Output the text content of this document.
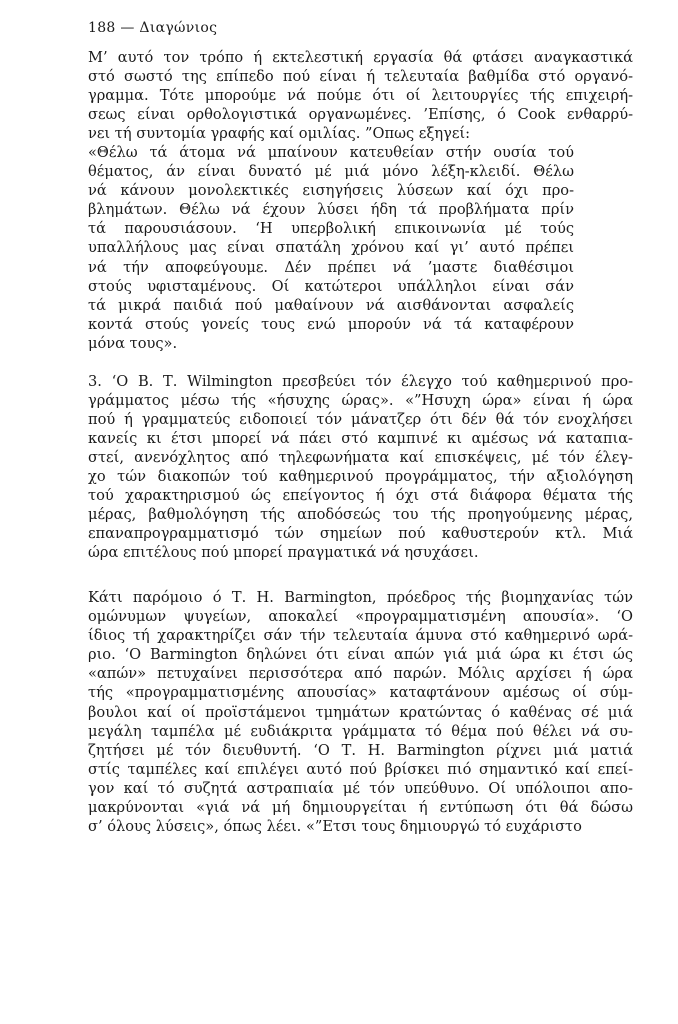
188 — Διαγώνιος
Μ’ αυτό τον τρόπο ή εκτελεστική εργασία θά φτάσει αναγκαστικά
στό σωστό της επίπεδο πού είναι ή τελευταία βαθμίδα στό οργανό-
γραμμα. Τότε μπορούμε νά πούμε ότι οί λειτουργίες τής επιχειρή-
σεως είναι ορθολογιστικά οργανωμένες. ’Επίσης, ό Cook ενθαρρύ-
νει τή συντομία γραφής καί ομιλίας. ”Οπως εξηγεί:
«Θέλω τά άτομα νά μπαίνουν κατευθείαν στήν ουσία τού
θέματος, άν είναι δυνατό μέ μιά μόνο λέξη-κλειδί. Θέλω
νά κάνουν μονολεκτικές εισηγήσεις λύσεων καί όχι προ-
βλημάτων. Θέλω νά έχουν λύσει ήδη τά προβλήματα πρίν
τά παρουσιάσουν. ‘Η υπερβολική επικοινωνία μέ τούς
υπαλλήλους μας είναι σπατάλη χρόνου καί γι’ αυτό πρέπει
νά τήν αποφεύγουμε. Δέν πρέπει νά ’μαστε διαθέσιμοι
στούς υφισταμένους. Οί κατώτεροι υπάλληλοι είναι σάν
τά μικρά παιδιά πού μαθαίνουν νά αισθάνονται ασφαλείς
κοντά στούς γονείς τους ενώ μπορούν νά τά καταφέρουν
μόνα τους».
3. ‘Ο Β. Τ. Wilmington πρεσβεύει τόν έλεγχο τού καθημερινού προ-
γράμματος μέσω τής «ήσυχης ώρας». «”Ησυχη ώρα» είναι ή ώρα
πού ή γραμματεύς ειδοποιεί τόν μάνατζερ ότι δέν θά τόν ενοχλήσει
κανείς κι έτσι μπορεί νά πάει στό καμπινέ κι αμέσως νά καταπια-
στεί, ανενόχλητος από τηλεφωνήματα καί επισκέψεις, μέ τόν έλεγ-
χο τών διακοπών τού καθημερινού προγράμματος, τήν αξιολόγηση
τού χαρακτηρισμού ώς επείγοντος ή όχι στά διάφορα θέματα τής
μέρας, βαθμολόγηση τής αποδόσεώς του τής προηγούμενης μέρας,
επαναπρογραμματισμό τών σημείων πού καθυστερούν κτλ. Μιά
ώρα επιτέλους πού μπορεί πραγματικά νά ησυχάσει.
Κάτι παρόμοιο ό Τ. Η. Barmington, πρόεδρος τής βιομηχανίας τών
ομώνυμων ψυγείων, αποκαλεί «προγραμματισμένη απουσία». ‘Ο
ίδιος τή χαρακτηρίζει σάν τήν τελευταία άμυνα στό καθημερινό ωρά-
ριο. ‘Ο Barmington δηλώνει ότι είναι απών γιά μιά ώρα κι έτσι ώς
«απών» πετυχαίνει περισσότερα από παρών. Μόλις αρχίσει ή ώρα
τής «προγραμματισμένης απουσίας» καταφτάνουν αμέσως οί σύμ-
βουλοι καί οί προϊστάμενοι τμημάτων κρατώντας ό καθένας σέ μιά
μεγάλη ταμπέλα μέ ευδιάκριτα γράμματα τό θέμα πού θέλει νά συ-
ζητήσει μέ τόν διευθυντή. ‘Ο Τ. Η. Barmington ρίχνει μιά ματιά
στίς ταμπέλες καί επιλέγει αυτό πού βρίσκει πιό σημαντικό καί επεί-
γον καί τό συζητά αστραπιαία μέ τόν υπεύθυνο. Οί υπόλοιποι απο-
μακρύνονται «γιά νά μή δημιουργείται ή εντύπωση ότι θά δώσω
σ’ όλους λύσεις», όπως λέει. «”Ετσι τους δημιουργώ τό ευχάριστο
